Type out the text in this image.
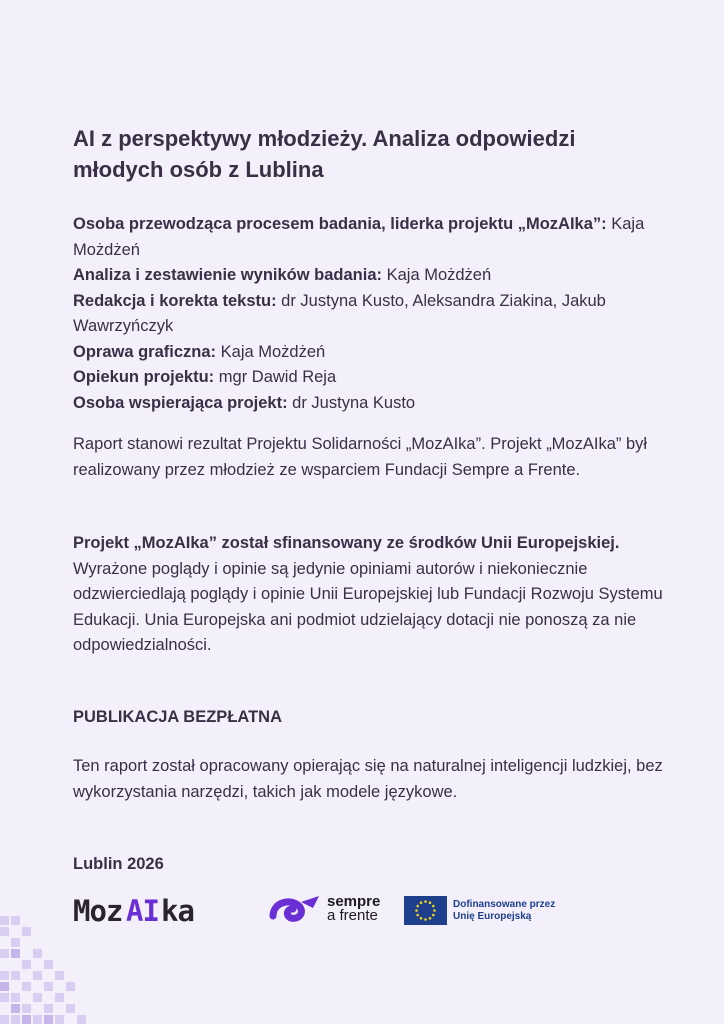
AI z perspektywy młodzieży. Analiza odpowiedzi młodych osób z Lublina
Osoba przewodząca procesem badania, liderka projektu „MozAIka”: Kaja Możdżeń
Analiza i zestawienie wyników badania: Kaja Możdżeń
Redakcja i korekta tekstu: dr Justyna Kusto, Aleksandra Ziakina, Jakub Wawrzyńczyk
Oprawa graficzna: Kaja Możdżeń
Opiekun projektu: mgr Dawid Reja
Osoba wspierająca projekt: dr Justyna Kusto

Raport stanowi rezultat Projektu Solidarności „MozAIka”. Projekt „MozAIka” był realizowany przez młodzież ze wsparciem Fundacji Sempre a Frente.

Projekt „MozAIka” został sfinansowany ze środków Unii Europejskiej.
Wyrażone poglądy i opinie są jedynie opiniami autorów i niekoniecznie odzwierciedlają poglądy i opinie Unii Europejskiej lub Fundacji Rozwoju Systemu Edukacji. Unia Europejska ani podmiot udzielający dotacji nie ponoszą za nie odpowiedzialności.

PUBLIKACJA BEZPŁATNA

Ten raport został opracowany opierając się na naturalnej inteligencji ludzkiej, bez wykorzystania narzędzi, takich jak modele językowe.

Lublin 2026

Moz AI ka	sempre
a frente
Dofinansowane przez
Unię Europejską
